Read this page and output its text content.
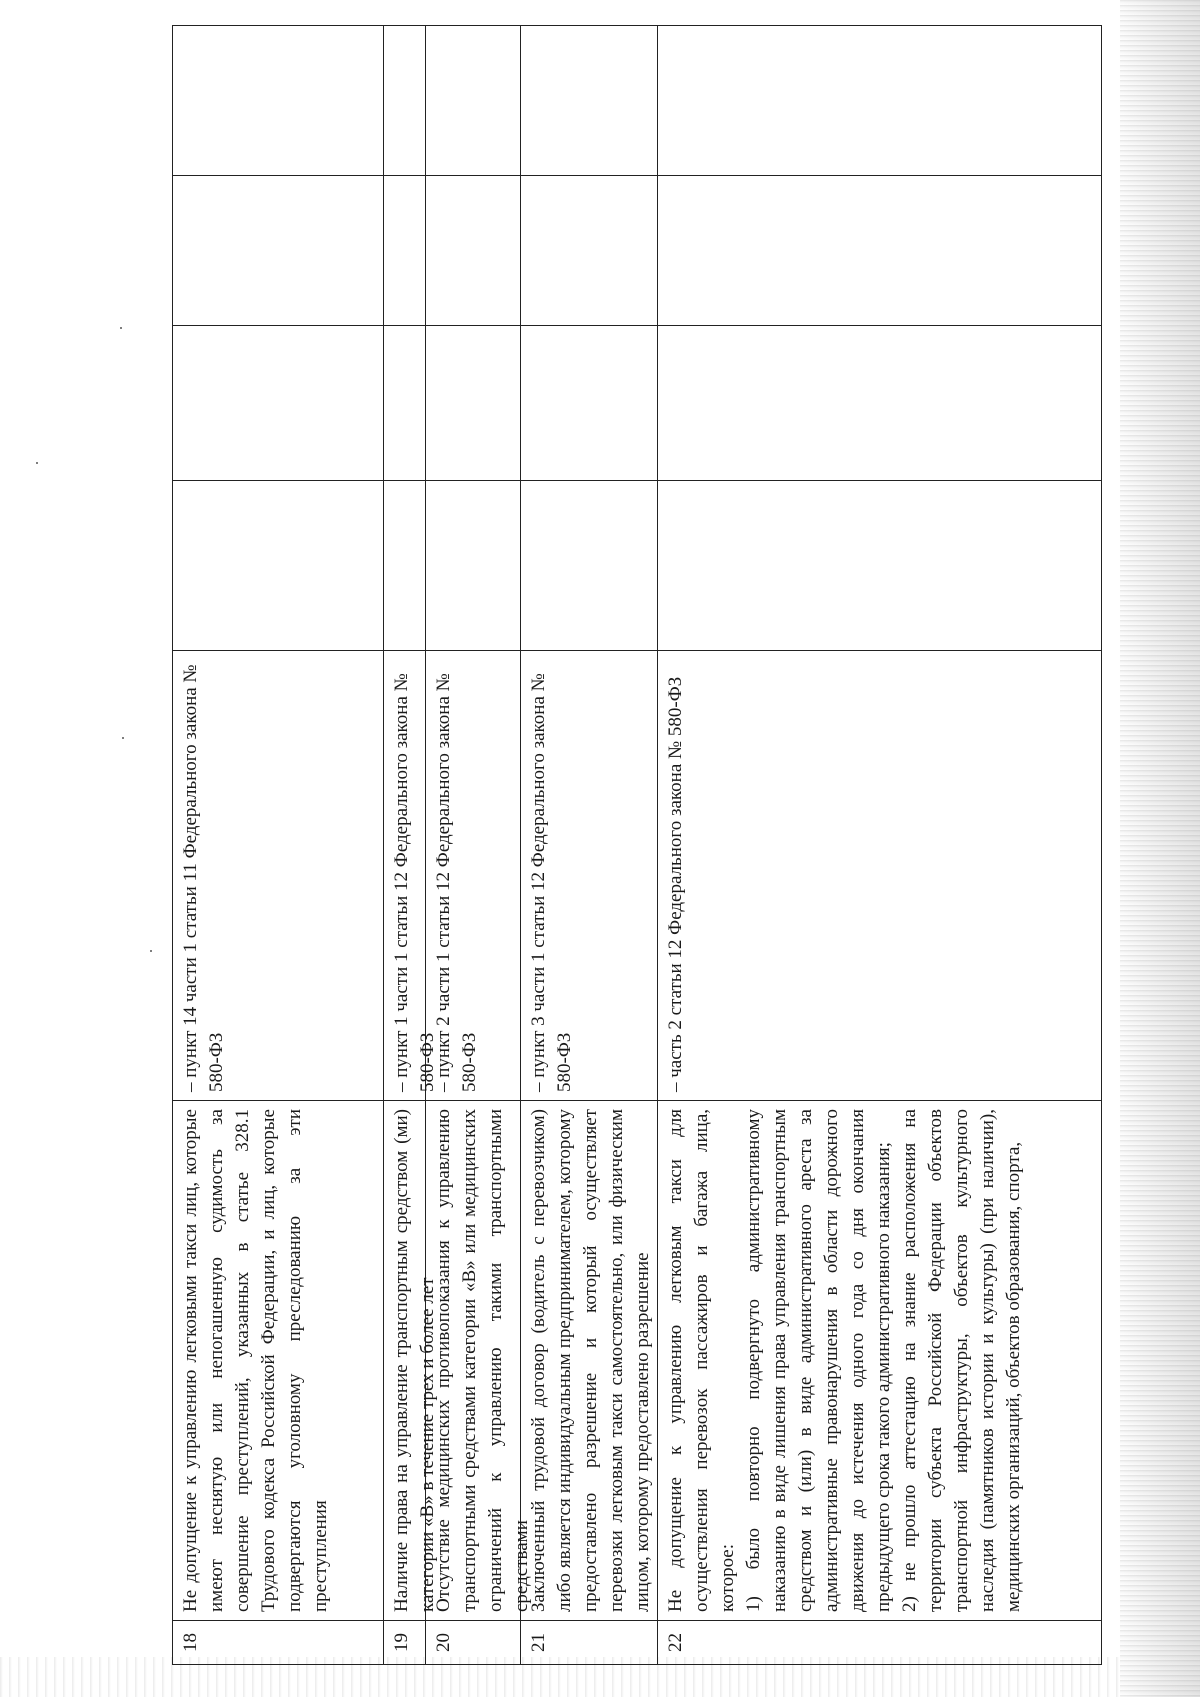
18
Не допущение к управлению легковыми такси лиц, которые имеют неснятую или непогашенную судимость за совершение преступлений, указанных в статье 328.1 Трудового кодекса Российской Федерации, и лиц, которые подвергаются уголовному преследованию за эти преступления
– пункт 14 части 1 статьи 11 Федерального закона № 580-ФЗ
19
Наличие права на управление транспортным средством (ми) категории «В» в течение трех и более лет
– пункт 1 части 1 статьи 12 Федерального закона № 580-ФЗ
20
Отсутствие медицинских противопоказания к управлению транспортными средствами категории «В» или медицинских ограничений к управлению такими транспортными средствами
– пункт 2 части 1 статьи 12 Федерального закона № 580-ФЗ
21
Заключенный трудовой договор (водитель с перевозчиком) либо является индивидуальным предпринимателем, которому предоставлено разрешение и который осуществляет перевозки легковым такси самостоятельно, или физическим лицом, которому предоставлено разрешение
– пункт 3 части 1 статьи 12 Федерального закона № 580-ФЗ
22

Не допущение к управлению легковым такси для осуществления перевозок пассажиров и багажа лица, которое: 1) было повторно подвергнуто административному наказанию в виде лишения права управления транспортным средством и (или) в виде административного ареста за административные правонарушения в области дорожного движения до истечения одного года со дня окончания предыдущего срока такого административного наказания; 2) не прошло аттестацию на знание расположения на территории субъекта Российской Федерации объектов транспортной инфраструктуры, объектов культурного наследия (памятников истории и культуры) (при наличии), медицинских организаций, объектов образования, спорта,

– часть 2 статьи 12 Федерального закона № 580-ФЗ
